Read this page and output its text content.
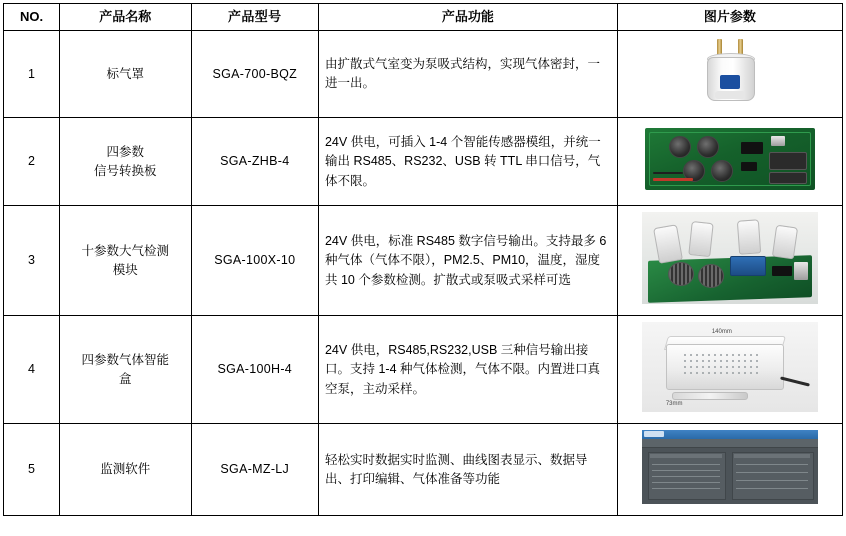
NO.	产品名称	产品型号	产品功能	图片参数
1	标气罩	SGA-700-BQZ	由扩散式气室变为泵吸式结构，实现气体密封，一进一出。	

2	四参数
信号转换板	SGA-ZHB-4	24V 供电，可插入 1-4 个智能传感器模组，并统一输出 RS485、RS232、USB 转 TTL 串口信号，气体不限。	

3	十参数大气检测
模块	SGA-100X-10	24V 供电，标准 RS485 数字信号输出。支持最多 6 种气体（气体不限），PM2.5、PM10，温度，湿度共 10 个参数检测。扩散式或泵吸式采样可选	

4	四参数气体智能
盒	SGA-100H-4	24V 供电，RS485,RS232,USB 三种信号输出接口。支持 1-4 种气体检测，气体不限。内置进口真空泵，主动采样。	140mm
73mm

5	监测软件	SGA-MZ-LJ	轻松实时数据实时监测、曲线图表显示、数据导出、打印编辑、气体准备等功能	
